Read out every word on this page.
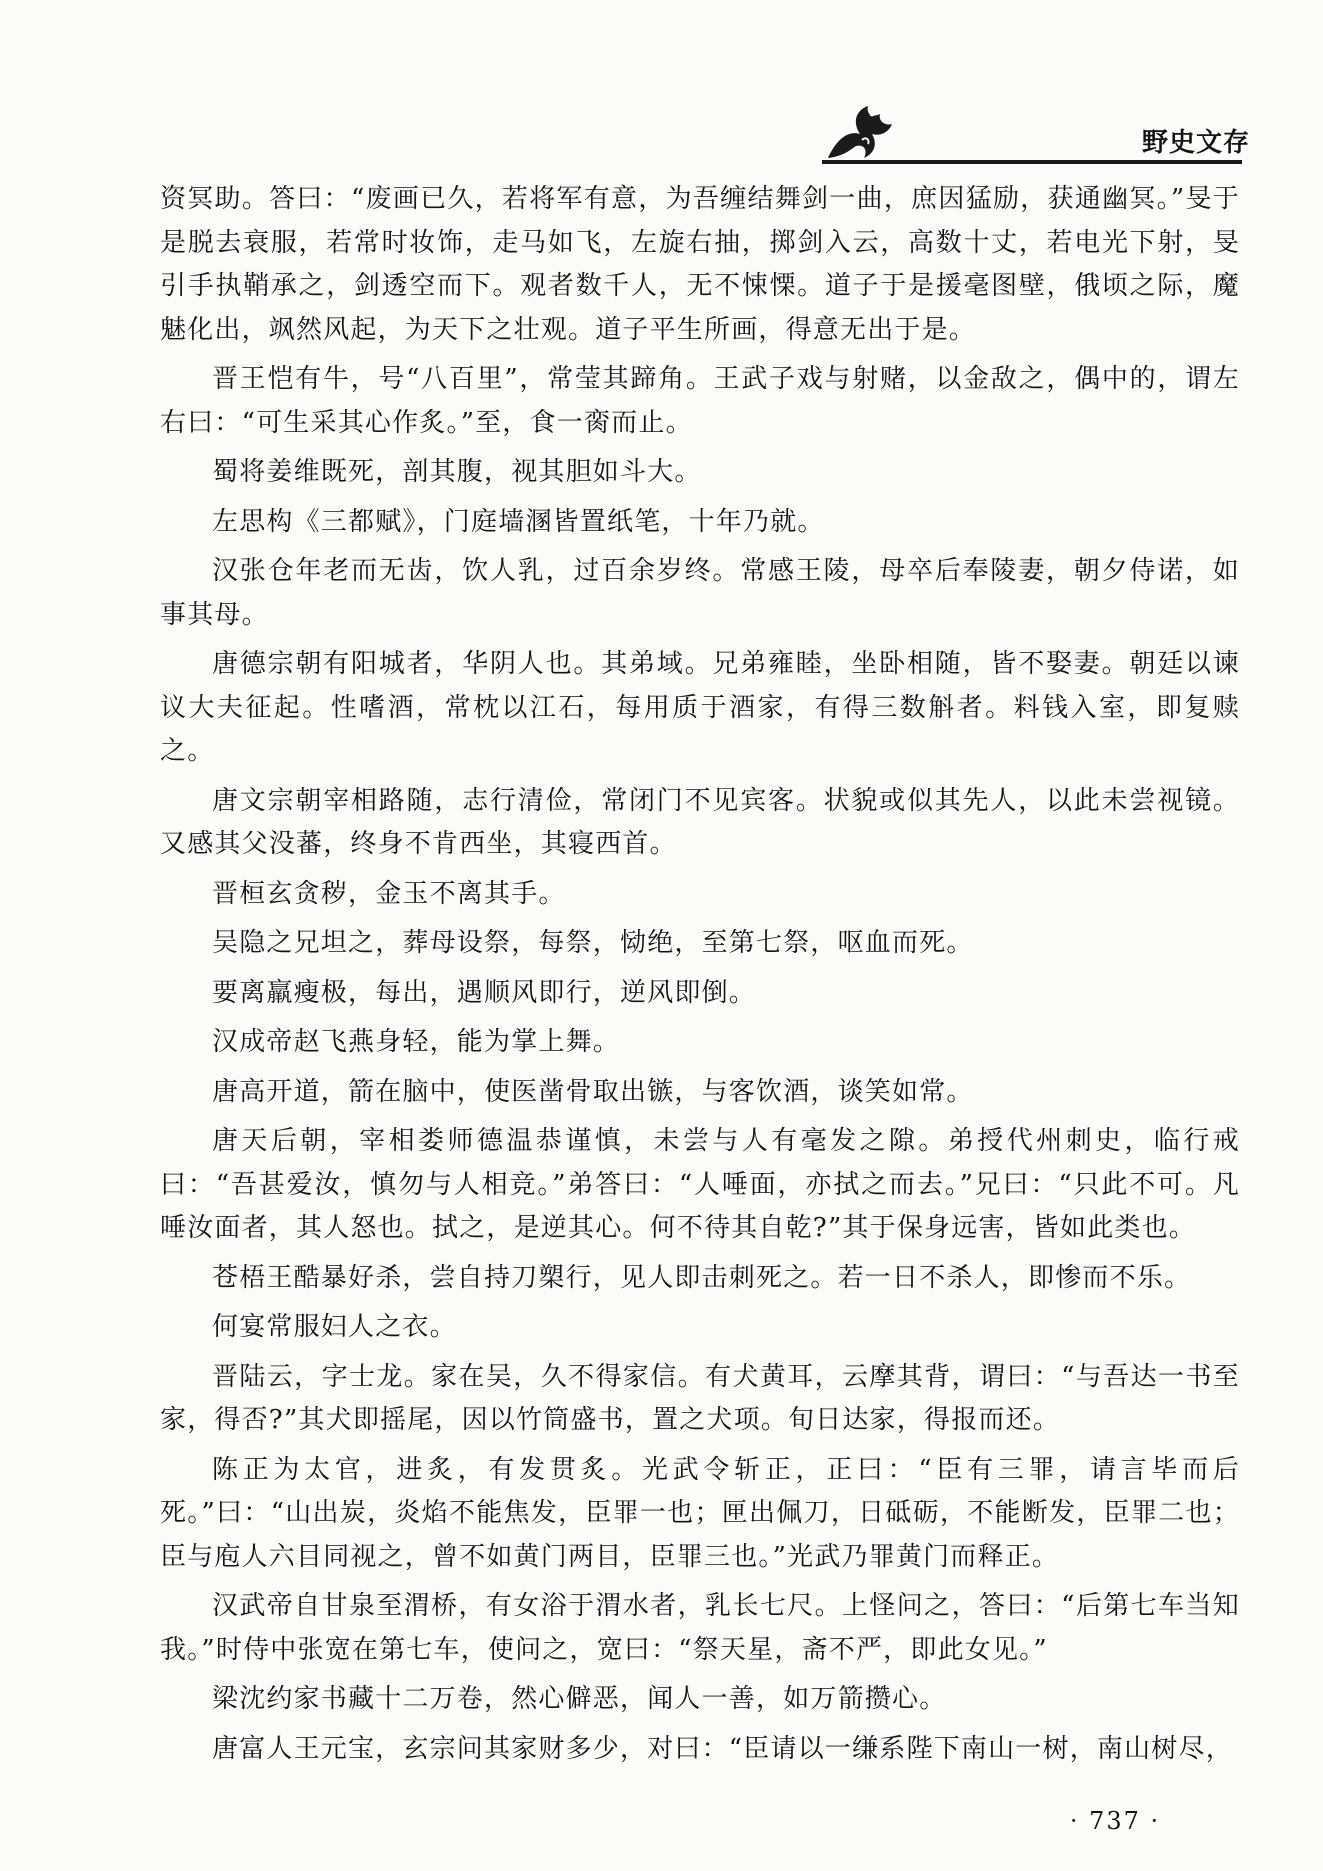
野史文存

资冥助。答曰：“废画已久，若将军有意，为吾缠结舞剑一曲，庶因猛励，获通幽冥。”旻于是脱去衰服，若常时妆饰，走马如飞，左旋右抽，掷剑入云，高数十丈，若电光下射，旻引手执鞘承之，剑透空而下。观者数千人，无不悚慄。道子于是援毫图壁，俄顷之际，魔魅化出，飒然风起，为天下之壮观。道子平生所画，得意无出于是。

晋王恺有牛，号“八百里”，常莹其蹄角。王武子戏与射赌，以金敌之，偶中的，谓左右曰：“可生采其心作炙。”至，食一脔而止。

蜀将姜维既死，剖其腹，视其胆如斗大。

左思构《三都赋》，门庭墙溷皆置纸笔，十年乃就。

汉张仓年老而无齿，饮人乳，过百余岁终。常感王陵，母卒后奉陵妻，朝夕侍诺，如事其母。

唐德宗朝有阳城者，华阴人也。其弟域。兄弟雍睦，坐卧相随，皆不娶妻。朝廷以谏议大夫征起。性嗜酒，常枕以江石，每用质于酒家，有得三数斛者。料钱入室，即复赎之。

唐文宗朝宰相路随，志行清俭，常闭门不见宾客。状貌或似其先人，以此未尝视镜。又感其父没蕃，终身不肯西坐，其寝西首。

晋桓玄贪秽，金玉不离其手。

吴隐之兄坦之，葬母设祭，每祭，恸绝，至第七祭，呕血而死。

要离羸瘦极，每出，遇顺风即行，逆风即倒。

汉成帝赵飞燕身轻，能为掌上舞。

唐高开道，箭在脑中，使医凿骨取出镞，与客饮酒，谈笑如常。

唐天后朝，宰相娄师德温恭谨慎，未尝与人有毫发之隙。弟授代州刺史，临行戒曰：“吾甚爱汝，慎勿与人相竞。”弟答曰：“人唾面，亦拭之而去。”兄曰：“只此不可。凡唾汝面者，其人怒也。拭之，是逆其心。何不待其自乾?”其于保身远害，皆如此类也。

苍梧王酷暴好杀，尝自持刀槊行，见人即击刺死之。若一日不杀人，即惨而不乐。

何宴常服妇人之衣。

晋陆云，字士龙。家在吴，久不得家信。有犬黄耳，云摩其背，谓曰：“与吾达一书至家，得否?”其犬即摇尾，因以竹筒盛书，置之犬项。旬日达家，得报而还。

陈正为太官，进炙，有发贯炙。光武令斩正，正曰：“臣有三罪，请言毕而后死。”曰：“山出炭，炎焰不能焦发，臣罪一也；匣出佩刀，日砥砺，不能断发，臣罪二也；臣与庖人六目同视之，曾不如黄门两目，臣罪三也。”光武乃罪黄门而释正。

汉武帝自甘泉至渭桥，有女浴于渭水者，乳长七尺。上怪问之，答曰：“后第七车当知我。”时侍中张宽在第七车，使问之，宽曰：“祭天星，斋不严，即此女见。”

梁沈约家书藏十二万卷，然心僻恶，闻人一善，如万箭攒心。

唐富人王元宝，玄宗问其家财多少，对曰：“臣请以一缣系陛下南山一树，南山树尽，

· 737 ·
